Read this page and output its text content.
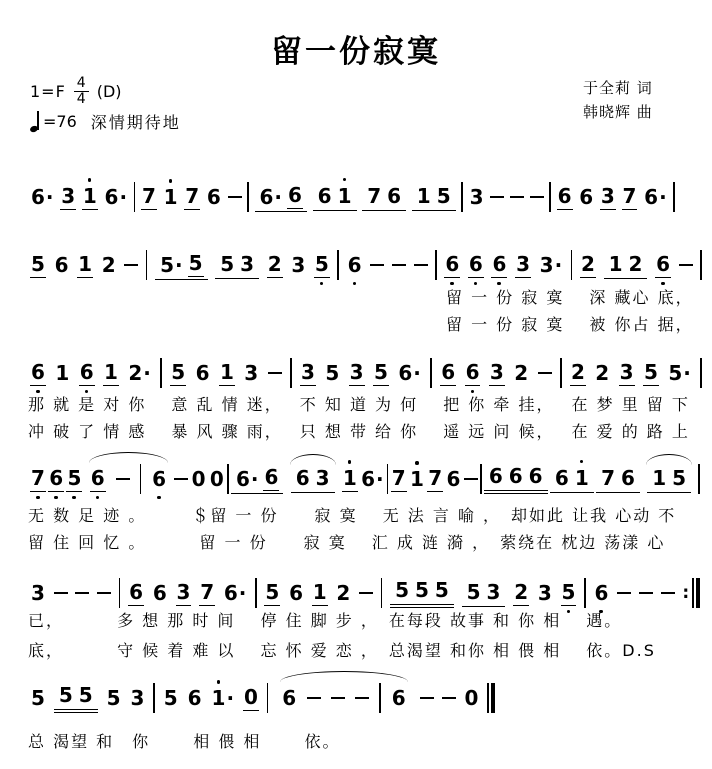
留一份寂寞
$1=F \frac{4}{4} (D)$
=76 深情期待地
于全莉 词
韩晓辉 曲
6· 3 1 6· 7 1 7 6 6· 6 6 1 7 6 1 5 3	6 6 3 7 6·
5 6 1 2 5· 5 5 3 2 3 5 6	6 6 6 3 3· 2 1 2 6
留 一 份 寂 寞　 深 藏心 底，
留 一 份 寂 寞　 被 你占 据，
6 1 6 1 2· 5 6 1 3 3 5 3 5 6· 6 6 3 2 2 2 3 5 5·
那 就 是 对 你　 意 乱 情 迷，　 不 知 道 为 何　 把 你 牵 挂，　 在 梦 里 留 下
冲 破 了 情 感　 暴 风 骤 雨，　 只 想 带 给 你　 遥 远 问 候，　 在 爱 的 路 上
7 6 5 6 6 0 0 6· 6 6 3 1 6· 7 1 7 6 6 6 6 6 1 7 6 1 5
无 数 足 迹 。　　　＄留 一 份　　寂 寞　 无 法 言 喻 ，　却如此 让我 心动 不
留 住 回 忆 。　　　 留 一 份　　寂 寞　 汇 成 涟 漪 ，　萦绕在 枕边 荡漾 心
3	6 6 3 7 6· 5 6 1 2 5 5 5 5 3 2 3 5 6	:
已，　　　 多 想 那 时 间　 停 住 脚 步 ，　在每段 故事 和 你 相　 遇。
底，　　　 守 候 着 难 以　 忘 怀 爱 恋 ，　总渴望 和你 相 偎 相　 依。D.S
5 5 5 5 3 5 6 1· 0 6	6	0
总 渴望 和　你　　 相 偎 相　　 依。
